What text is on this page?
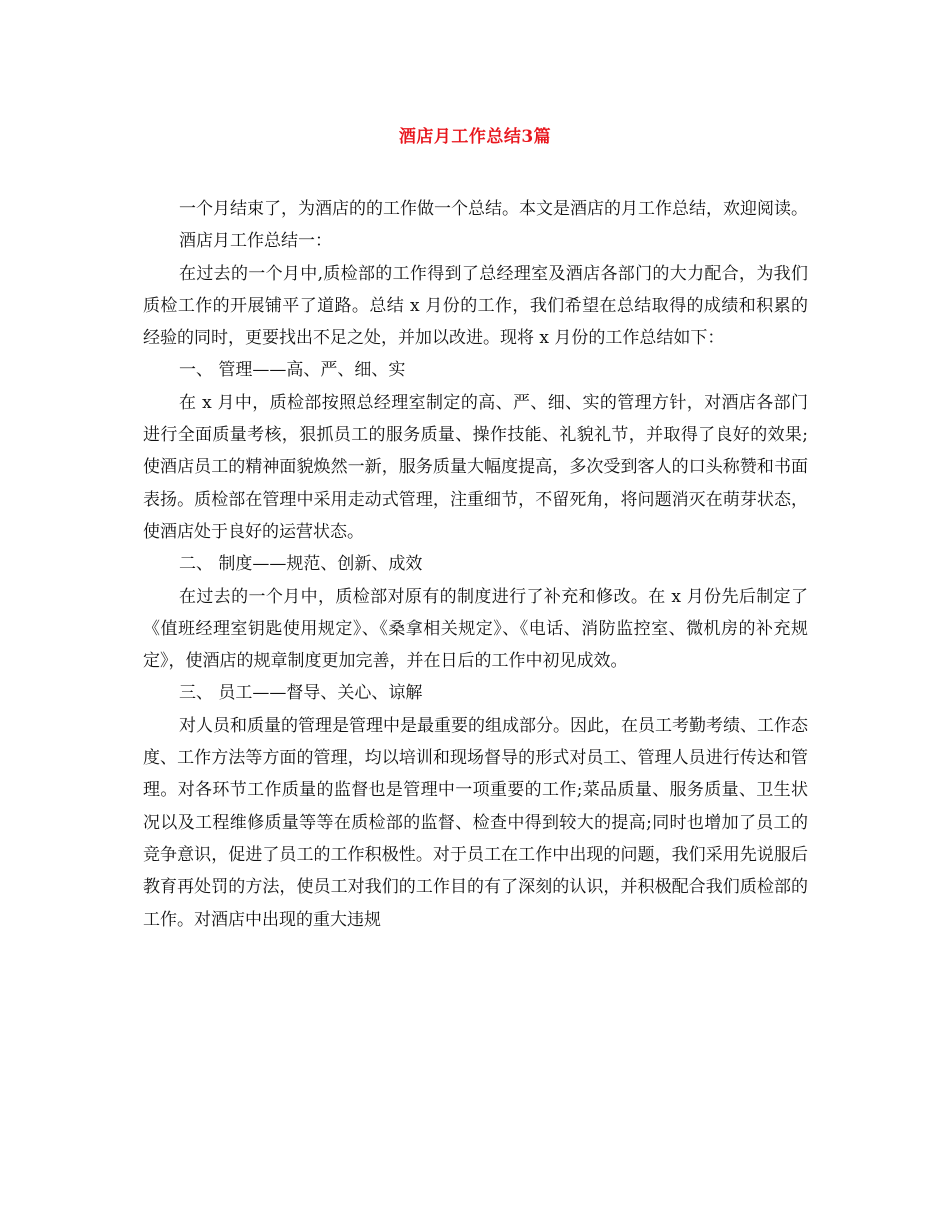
酒店月工作总结3篇

一个月结束了，为酒店的的工作做一个总结。本文是酒店的月工作总结，欢迎阅读。

酒店月工作总结一：

在过去的一个月中,质检部的工作得到了总经理室及酒店各部门的大力配合，为我们质检工作的开展铺平了道路。总结 x 月份的工作，我们希望在总结取得的成绩和积累的经验的同时，更要找出不足之处，并加以改进。现将 x 月份的工作总结如下：

一、 管理——高、严、细、实

在 x 月中，质检部按照总经理室制定的高、严、细、实的管理方针，对酒店各部门进行全面质量考核，狠抓员工的服务质量、操作技能、礼貌礼节，并取得了良好的效果;使酒店员工的精神面貌焕然一新，服务质量大幅度提高，多次受到客人的口头称赞和书面表扬。质检部在管理中采用走动式管理，注重细节，不留死角，将问题消灭在萌芽状态，使酒店处于良好的运营状态。

二、 制度——规范、创新、成效

在过去的一个月中，质检部对原有的制度进行了补充和修改。在 x 月份先后制定了《值班经理室钥匙使用规定》、《桑拿相关规定》、《电话、消防监控室、微机房的补充规定》，使酒店的规章制度更加完善，并在日后的工作中初见成效。

三、 员工——督导、关心、谅解

对人员和质量的管理是管理中是最重要的组成部分。因此，在员工考勤考绩、工作态度、工作方法等方面的管理，均以培训和现场督导的形式对员工、管理人员进行传达和管理。对各环节工作质量的监督也是管理中一项重要的工作;菜品质量、服务质量、卫生状况以及工程维修质量等等在质检部的监督、检查中得到较大的提高;同时也增加了员工的竞争意识，促进了员工的工作积极性。对于员工在工作中出现的问题，我们采用先说服后教育再处罚的方法，使员工对我们的工作目的有了深刻的认识，并积极配合我们质检部的工作。对酒店中出现的重大违规
